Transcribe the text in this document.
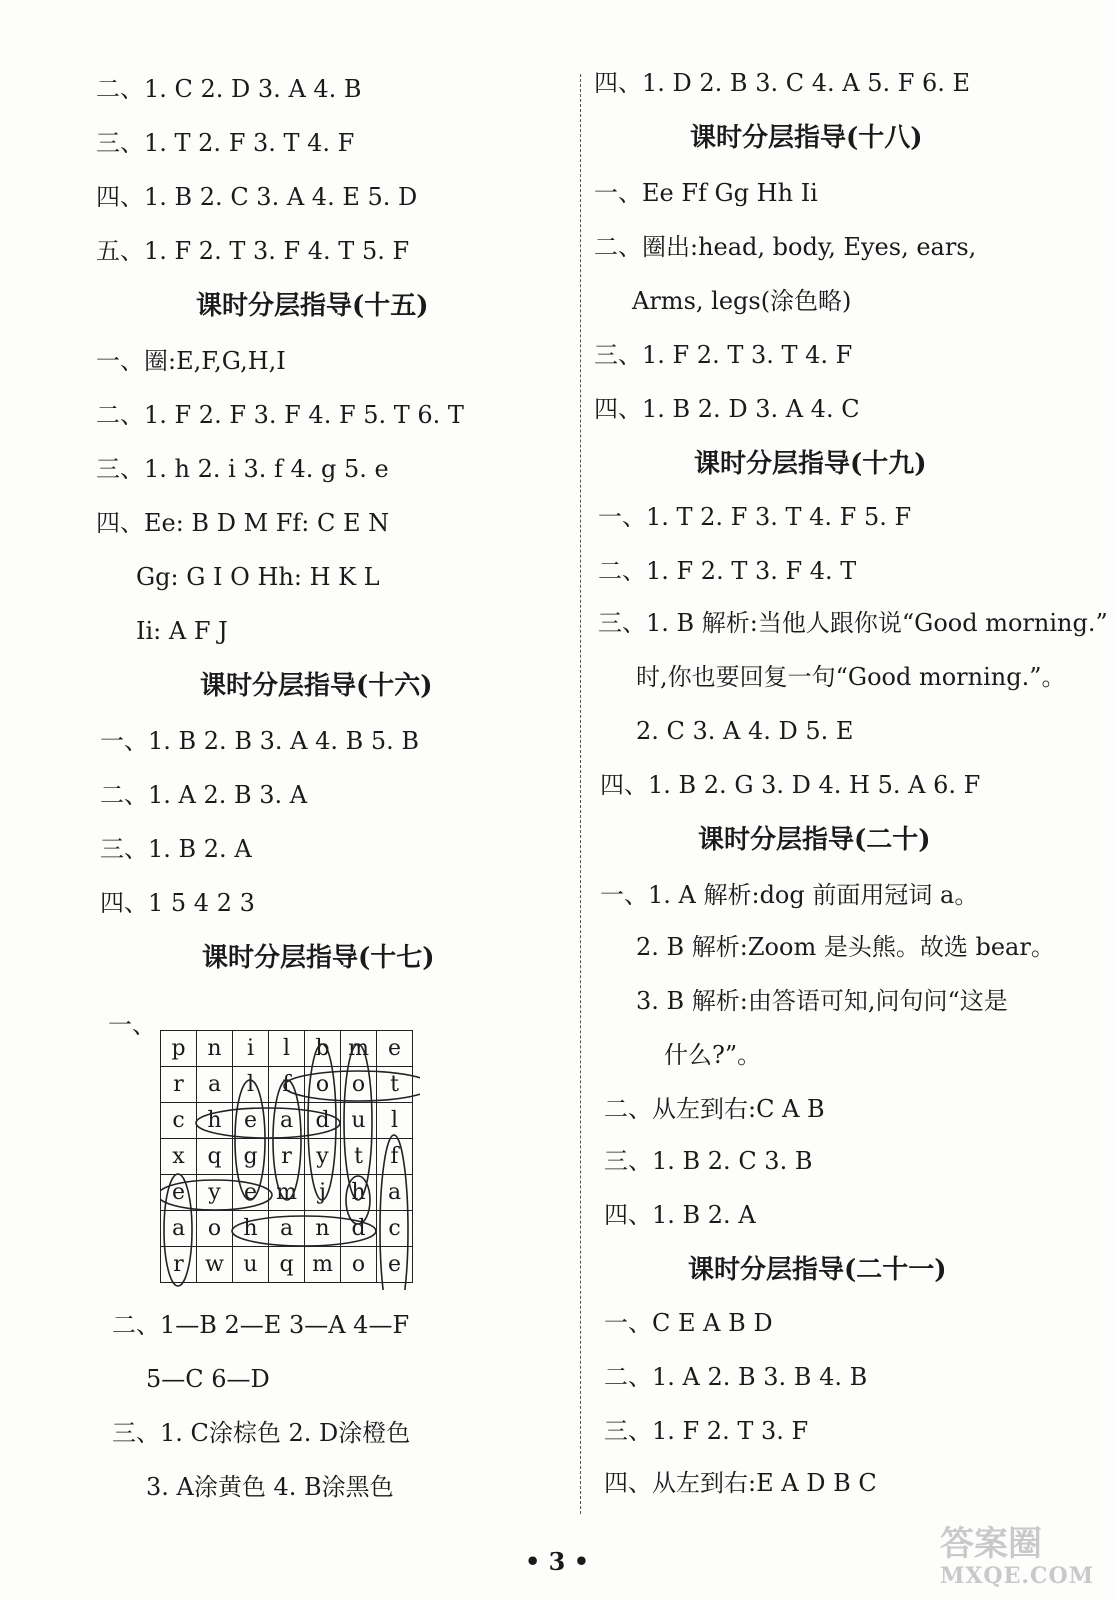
二、1. C 2. D 3. A 4. B
三、1. T 2. F 3. T 4. F
四、1. B 2. C 3. A 4. E 5. D
五、1. F 2. T 3. F 4. T 5. F
课时分层指导(十五)
一、圈:E,F,G,H,I
二、1. F 2. F 3. F 4. F 5. T 6. T
三、1. h 2. i 3. f 4. g 5. e
四、Ee: B D M Ff: C E N
Gg: G I O Hh: H K L
Ii: A F J
课时分层指导(十六)
一、1. B 2. B 3. A 4. B 5. B
二、1. A 2. B 3. A
三、1. B 2. A
四、1 5 4 2 3
课时分层指导(十七)
一、
p	n	i	l	b	m	e
r	a	l	f	o	o	t
c	h	e	a	d	u	l
x	q	g	r	y	t	f
e	y	e	m	j	h	a
a	o	h	a	n	d	c
r	w	u	q	m	o	e
二、1—B 2—E 3—A 4—F
5—C 6—D
三、1. C涂棕色 2. D涂橙色
3. A涂黄色 4. B涂黑色
四、1. D 2. B 3. C 4. A 5. F 6. E
课时分层指导(十八)
一、Ee Ff Gg Hh Ii
二、圈出:head, body, Eyes, ears,
Arms, legs(涂色略)
三、1. F 2. T 3. T 4. F
四、1. B 2. D 3. A 4. C
课时分层指导(十九)
一、1. T 2. F 3. T 4. F 5. F
二、1. F 2. T 3. F 4. T
三、1. B 解析:当他人跟你说“Good morning.”
时,你也要回复一句“Good morning.”。
2. C 3. A 4. D 5. E
四、1. B 2. G 3. D 4. H 5. A 6. F
课时分层指导(二十)
一、1. A 解析:dog 前面用冠词 a。
2. B 解析:Zoom 是头熊。故选 bear。
3. B 解析:由答语可知,问句问“这是
什么?”。
二、从左到右:C A B
三、1. B 2. C 3. B
四、1. B 2. A
课时分层指导(二十一)
一、C E A B D
二、1. A 2. B 3. B 4. B
三、1. F 2. T 3. F
四、从左到右:E A D B C
• 3 •	答案圈
MXQE.COM
